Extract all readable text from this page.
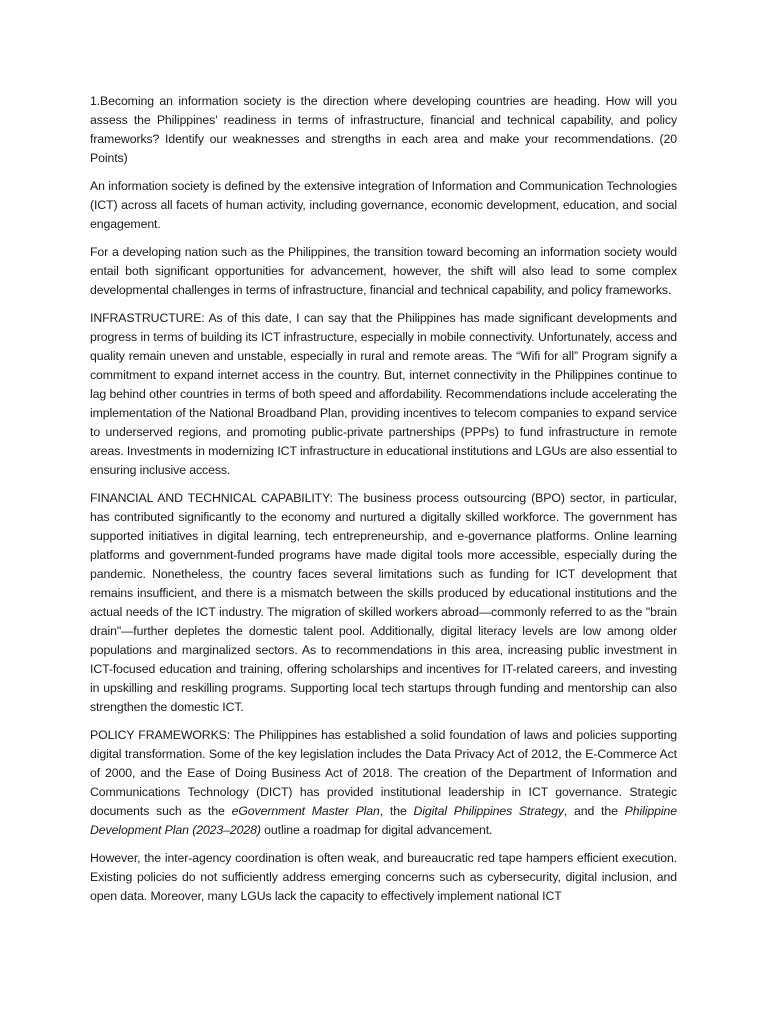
1.Becoming an information society is the direction where developing countries are heading. How will you assess the Philippines' readiness in terms of infrastructure, financial and technical capability, and policy frameworks? Identify our weaknesses and strengths in each area and make your recommendations. (20 Points)

An information society is defined by the extensive integration of Information and Communication Technologies (ICT) across all facets of human activity, including governance, economic development, education, and social engagement.

For a developing nation such as the Philippines, the transition toward becoming an information society would entail both significant opportunities for advancement, however, the shift will also lead to some complex developmental challenges in terms of infrastructure, financial and technical capability, and policy frameworks.

INFRASTRUCTURE: As of this date, I can say that the Philippines has made significant developments and progress in terms of building its ICT infrastructure, especially in mobile connectivity. Unfortunately, access and quality remain uneven and unstable, especially in rural and remote areas. The “Wifi for all” Program signify a commitment to expand internet access in the country. But, internet connectivity in the Philippines continue to lag behind other countries in terms of both speed and affordability. Recommendations include accelerating the implementation of the National Broadband Plan, providing incentives to telecom companies to expand service to underserved regions, and promoting public-private partnerships (PPPs) to fund infrastructure in remote areas. Investments in modernizing ICT infrastructure in educational institutions and LGUs are also essential to ensuring inclusive access.

FINANCIAL AND TECHNICAL CAPABILITY: The business process outsourcing (BPO) sector, in particular, has contributed significantly to the economy and nurtured a digitally skilled workforce. The government has supported initiatives in digital learning, tech entrepreneurship, and e-governance platforms. Online learning platforms and government-funded programs have made digital tools more accessible, especially during the pandemic. Nonetheless, the country faces several limitations such as funding for ICT development that remains insufficient, and there is a mismatch between the skills produced by educational institutions and the actual needs of the ICT industry. The migration of skilled workers abroad—commonly referred to as the "brain drain"—further depletes the domestic talent pool. Additionally, digital literacy levels are low among older populations and marginalized sectors. As to recommendations in this area, increasing public investment in ICT-focused education and training, offering scholarships and incentives for IT-related careers, and investing in upskilling and reskilling programs. Supporting local tech startups through funding and mentorship can also strengthen the domestic ICT.

POLICY FRAMEWORKS: The Philippines has established a solid foundation of laws and policies supporting digital transformation. Some of the key legislation includes the Data Privacy Act of 2012, the E-Commerce Act of 2000, and the Ease of Doing Business Act of 2018. The creation of the Department of Information and Communications Technology (DICT) has provided institutional leadership in ICT governance. Strategic documents such as the eGovernment Master Plan, the Digital Philippines Strategy, and the Philippine Development Plan (2023–2028) outline a roadmap for digital advancement.

However, the inter-agency coordination is often weak, and bureaucratic red tape hampers efficient execution. Existing policies do not sufficiently address emerging concerns such as cybersecurity, digital inclusion, and open data. Moreover, many LGUs lack the capacity to effectively implement national ICT
